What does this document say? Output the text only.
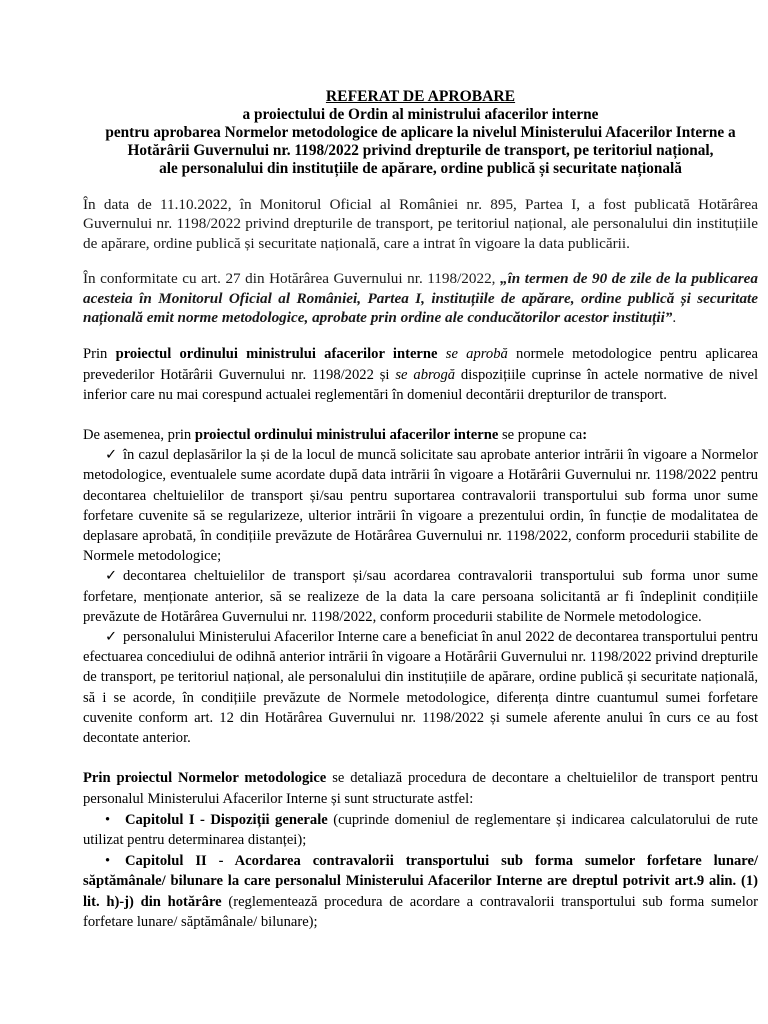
REFERAT DE APROBARE
a proiectului de Ordin al ministrului afacerilor interne
pentru aprobarea Normelor metodologice de aplicare la nivelul Ministerului Afacerilor Interne a
Hotărârii Guvernului nr. 1198/2022 privind drepturile de transport, pe teritoriul național,
ale personalului din instituțiile de apărare, ordine publică și securitate națională

În data de 11.10.2022, în Monitorul Oficial al României nr. 895, Partea I, a fost publicată Hotărârea Guvernului nr. 1198/2022 privind drepturile de transport, pe teritoriul național, ale personalului din instituțiile de apărare, ordine publică și securitate națională, care a intrat în vigoare la data publicării.

În conformitate cu art. 27 din Hotărârea Guvernului nr. 1198/2022, „în termen de 90 de zile de la publicarea acesteia în Monitorul Oficial al României, Partea I, instituțiile de apărare, ordine publică și securitate națională emit norme metodologice, aprobate prin ordine ale conducătorilor acestor instituții”.

Prin proiectul ordinului ministrului afacerilor interne se aprobă normele metodologice pentru aplicarea prevederilor Hotărârii Guvernului nr. 1198/2022 și se abrogă dispozițiile cuprinse în actele normative de nivel inferior care nu mai corespund actualei reglementări în domeniul decontării drepturilor de transport.

De asemenea, prin proiectul ordinului ministrului afacerilor interne se propune ca:

✓ în cazul deplasărilor la și de la locul de muncă solicitate sau aprobate anterior intrării în vigoare a Normelor metodologice, eventualele sume acordate după data intrării în vigoare a Hotărârii Guvernului nr. 1198/2022 pentru decontarea cheltuielilor de transport și/sau pentru suportarea contravalorii transportului sub forma unor sume forfetare cuvenite să se regularizeze, ulterior intrării în vigoare a prezentului ordin, în funcție de modalitatea de deplasare aprobată, în condițiile prevăzute de Hotărârea Guvernului nr. 1198/2022, conform procedurii stabilite de Normele metodologice;
✓ decontarea cheltuielilor de transport și/sau acordarea contravalorii transportului sub forma unor sume forfetare, menționate anterior, să se realizeze de la data la care persoana solicitantă ar fi îndeplinit condițiile prevăzute de Hotărârea Guvernului nr. 1198/2022, conform procedurii stabilite de Normele metodologice.
✓ personalului Ministerului Afacerilor Interne care a beneficiat în anul 2022 de decontarea transportului pentru efectuarea concediului de odihnă anterior intrării în vigoare a Hotărârii Guvernului nr. 1198/2022 privind drepturile de transport, pe teritoriul național, ale personalului din instituțiile de apărare, ordine publică și securitate națională, să i se acorde, în condițiile prevăzute de Normele metodologice, diferența dintre cuantumul sumei forfetare cuvenite conform art. 12 din Hotărârea Guvernului nr. 1198/2022 și sumele aferente anului în curs ce au fost decontate anterior.

Prin proiectul Normelor metodologice se detaliază procedura de decontare a cheltuielilor de transport pentru personalul Ministerului Afacerilor Interne și sunt structurate astfel:

• Capitolul I - Dispoziții generale (cuprinde domeniul de reglementare și indicarea calculatorului de rute utilizat pentru determinarea distanței);
• Capitolul II - Acordarea contravalorii transportului sub forma sumelor forfetare lunare/ săptămânale/ bilunare la care personalul Ministerului Afacerilor Interne are dreptul potrivit art.9 alin. (1) lit. h)-j) din hotărâre (reglementează procedura de acordare a contravalorii transportului sub forma sumelor forfetare lunare/ săptămânale/ bilunare);
